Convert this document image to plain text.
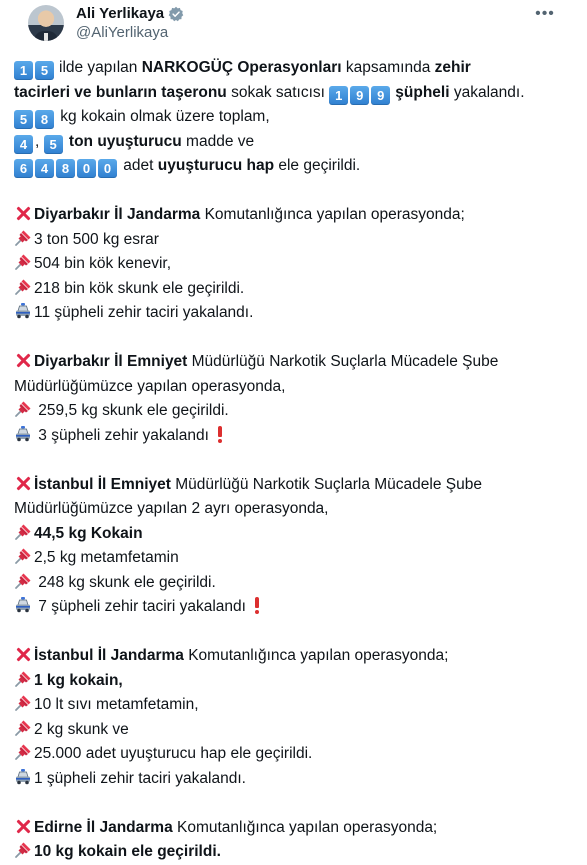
Ali Yerlikaya
@AliYerlikaya
•••
1 5 ilde yapılan NARKOGÜÇ Operasyonları kapsamında zehir
tacirleri ve bunların taşeronu sokak satıcısı 1 9 9 şüpheli yakalandı.
5 8 kg kokain olmak üzere toplam,
4 , 5 ton uyuşturucu madde ve
6 4 8 0 0 adet uyuşturucu hap ele geçirildi.
Diyarbakır İl Jandarma Komutanlığınca yapılan operasyonda;
3 ton 500 kg esrar
504 bin kök kenevir,
218 bin kök skunk ele geçirildi.
11 şüpheli zehir taciri yakalandı.
Diyarbakır İl Emniyet Müdürlüğü Narkotik Suçlarla Mücadele Şube
Müdürlüğümüzce yapılan operasyonda,
259,5 kg skunk ele geçirildi.
3 şüpheli zehir yakalandı
İstanbul İl Emniyet Müdürlüğü Narkotik Suçlarla Mücadele Şube
Müdürlüğümüzce yapılan 2 ayrı operasyonda,
44,5 kg Kokain
2,5 kg metamfetamin
248 kg skunk ele geçirildi.
7 şüpheli zehir taciri yakalandı
İstanbul İl Jandarma Komutanlığınca yapılan operasyonda;
1 kg kokain,
10 lt sıvı metamfetamin,
2 kg skunk ve
25.000 adet uyuşturucu hap ele geçirildi.
1 şüpheli zehir taciri yakalandı.
Edirne İl Jandarma Komutanlığınca yapılan operasyonda;
10 kg kokain ele geçirildi.
